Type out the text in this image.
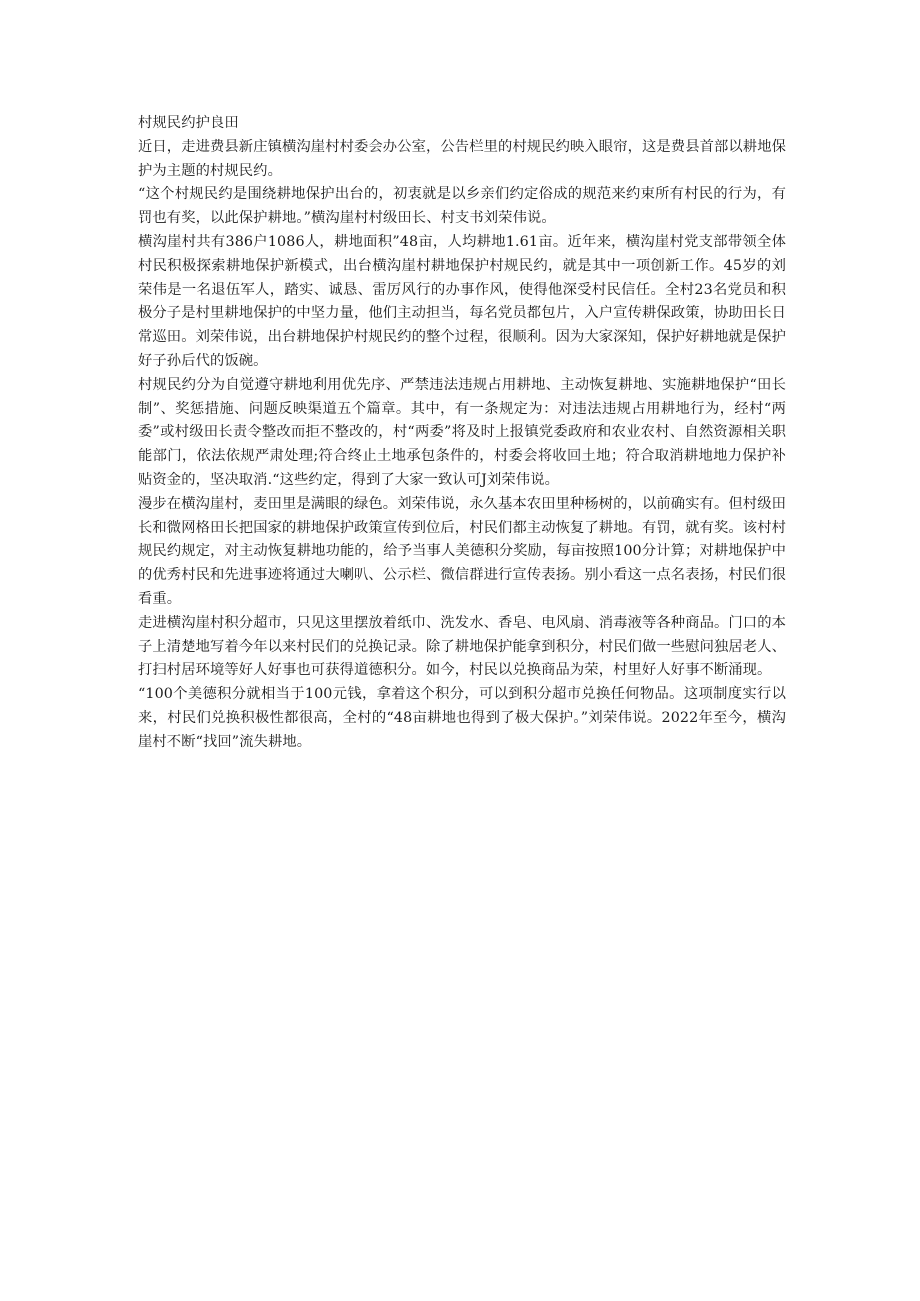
村规民约护良田

近日，走进费县新庄镇横沟崖村村委会办公室，公告栏里的村规民约映入眼帘，这是费县首部以耕地保护为主题的村规民约。

“这个村规民约是围绕耕地保护出台的，初衷就是以乡亲们约定俗成的规范来约束所有村民的行为，有罚也有奖，以此保护耕地。”横沟崖村村级田长、村支书刘荣伟说。

横沟崖村共有386户1086人，耕地面积”48亩，人均耕地1.61亩。近年来，横沟崖村党支部带领全体村民积极探索耕地保护新模式，出台横沟崖村耕地保护村规民约，就是其中一项创新工作。45岁的刘荣伟是一名退伍军人，踏实、诚恳、雷厉风行的办事作风，使得他深受村民信任。全村23名党员和积极分子是村里耕地保护的中坚力量，他们主动担当，每名党员都包片，入户宣传耕保政策，协助田长日常巡田。刘荣伟说，出台耕地保护村规民约的整个过程，很顺利。因为大家深知，保护好耕地就是保护好子孙后代的饭碗。

村规民约分为自觉遵守耕地利用优先序、严禁违法违规占用耕地、主动恢复耕地、实施耕地保护“田长制”、奖惩措施、问题反映渠道五个篇章。其中，有一条规定为：对违法违规占用耕地行为，经村“两委”或村级田长责令整改而拒不整改的，村“两委”将及时上报镇党委政府和农业农村、自然资源相关职能部门，依法依规严肃处理;符合终止土地承包条件的，村委会将收回土地；符合取消耕地地力保护补贴资金的，坚决取消.“这些约定，得到了大家一致认可J刘荣伟说。

漫步在横沟崖村，麦田里是满眼的绿色。刘荣伟说，永久基本农田里种杨树的，以前确实有。但村级田长和微网格田长把国家的耕地保护政策宣传到位后，村民们都主动恢复了耕地。有罚，就有奖。该村村规民约规定，对主动恢复耕地功能的，给予当事人美德积分奖励，每亩按照100分计算；对耕地保护中的优秀村民和先进事迹将通过大喇叭、公示栏、微信群进行宣传表扬。别小看这一点名表扬，村民们很看重。

走进横沟崖村积分超市，只见这里摆放着纸巾、洗发水、香皂、电风扇、消毒液等各种商品。门口的本子上清楚地写着今年以来村民们的兑换记录。除了耕地保护能拿到积分，村民们做一些慰问独居老人、打扫村居环境等好人好事也可获得道德积分。如今，村民以兑换商品为荣，村里好人好事不断涌现。

“100个美德积分就相当于100元钱，拿着这个积分，可以到积分超市兑换任何物品。这项制度实行以来，村民们兑换积极性都很高，全村的“48亩耕地也得到了极大保护。”刘荣伟说。2022年至今，横沟崖村不断“找回”流失耕地。
